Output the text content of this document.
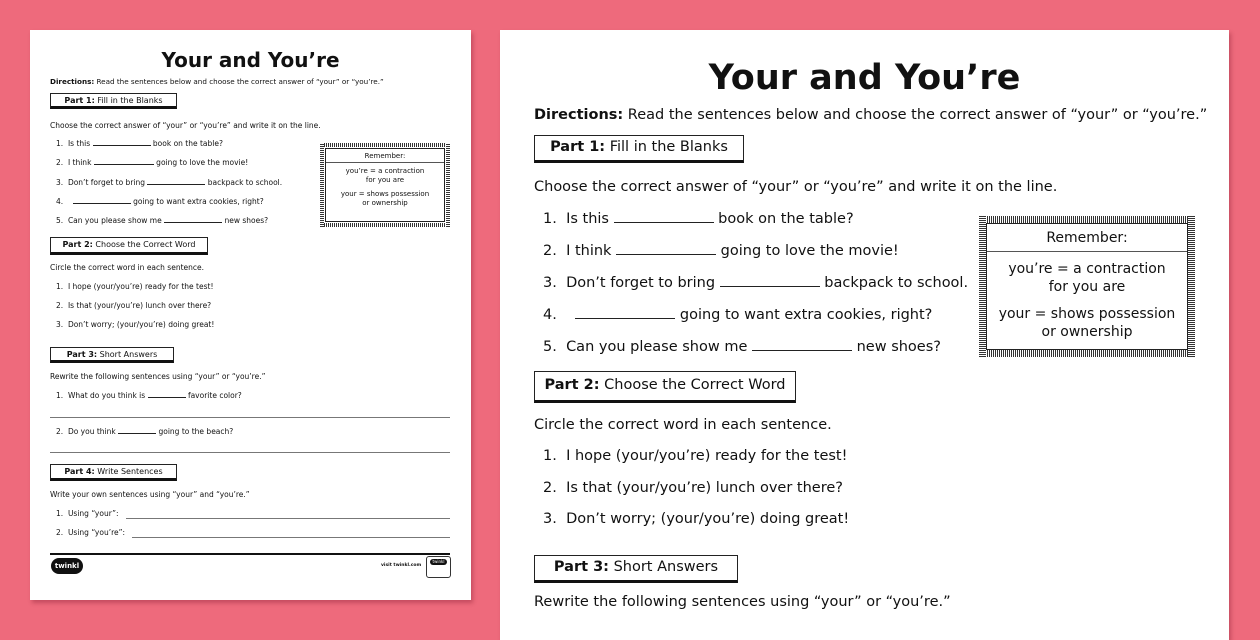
Your and You’re
Directions: Read the sentences below and choose the correct answer of “your” or “you’re.”
Part 1: Fill in the Blanks
Choose the correct answer of “your” or “you’re” and write it on the line.
1. Is this	book on the table?
2. I think	going to love the movie!
3. Don’t forget to bring	backpack to school.
4.	going to want extra cookies, right?
5. Can you please show me	new shoes?
Remember:
you’re = a contraction
for you are
your = shows possession
or ownership
Part 2: Choose the Correct Word
Circle the correct word in each sentence.
1. I hope (your/you’re) ready for the test!
2. Is that (your/you’re) lunch over there?
3. Don’t worry; (your/you’re) doing great!
Part 3: Short Answers
Rewrite the following sentences using “your” or “you’re.”
1. What do you think is	favorite color?
2. Do you think	going to the beach?
Part 4: Write Sentences
Write your own sentences using “your” and “you’re.”
1. Using “your”:
2. Using “you’re”:
twinkl	visit twinkl.com
twinkl
Your and You’re
Directions: Read the sentences below and choose the correct answer of “your” or “you’re.”
Part 1: Fill in the Blanks
Choose the correct answer of “your” or “you’re” and write it on the line.
1. Is this	book on the table?
2. I think	going to love the movie!
3. Don’t forget to bring	backpack to school.
4.	going to want extra cookies, right?
5. Can you please show me	new shoes?
Remember:
you’re = a contraction
for you are
your = shows possession
or ownership
Part 2: Choose the Correct Word
Circle the correct word in each sentence.
1. I hope (your/you’re) ready for the test!
2. Is that (your/you’re) lunch over there?
3. Don’t worry; (your/you’re) doing great!
Part 3: Short Answers
Rewrite the following sentences using “your” or “you’re.”
